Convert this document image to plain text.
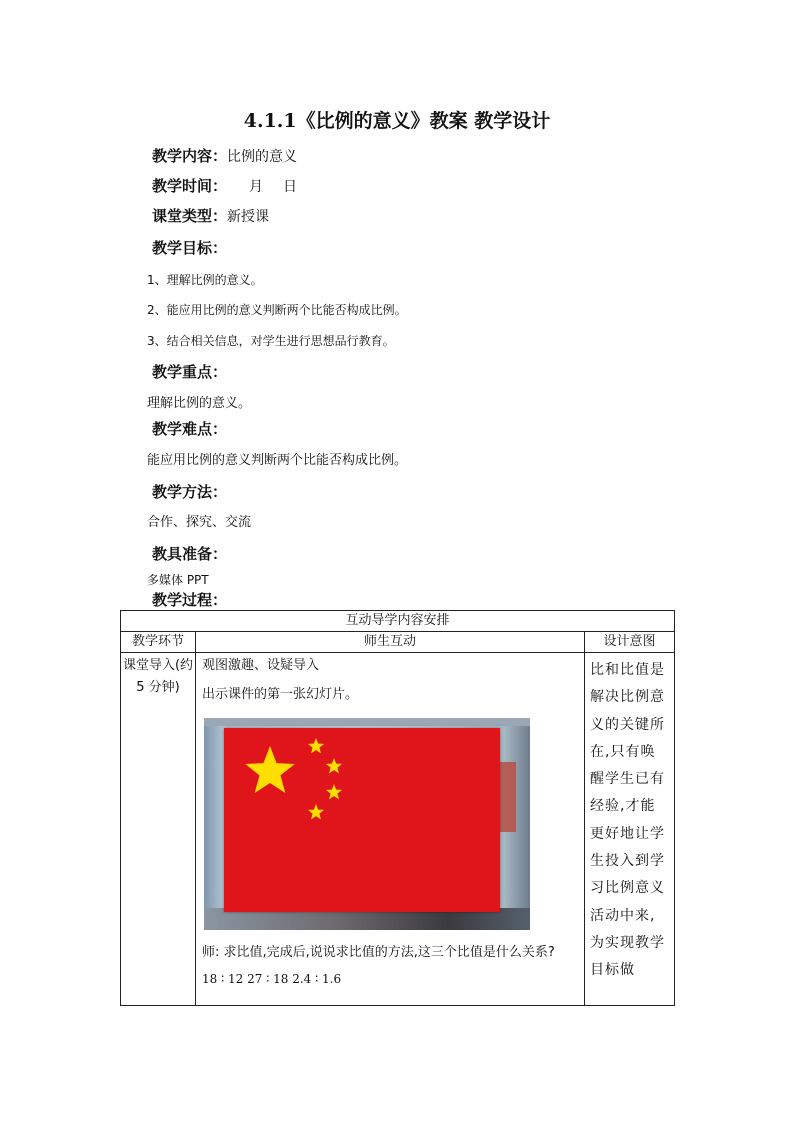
4.1.1《比例的意义》教案 教学设计
教学内容：比例的意义
教学时间： 月 日
课堂类型：新授课
教学目标：
1、理解比例的意义。
2、能应用比例的意义判断两个比能否构成比例。
3、结合相关信息，对学生进行思想品行教育。
教学重点：
理解比例的意义。
教学难点：
能应用比例的意义判断两个比能否构成比例。
教学方法：
合作、探究、交流
教具准备：
多媒体 PPT
教学过程：
互动导学内容安排		
教学环节	师生互动	设计意图
课堂导入(约 5 分钟)	观图激趣、设疑导入
出示课件的第一张幻灯片。
师: 求比值,完成后,说说求比值的方法,这三个比值是什么关系?
18 ∶ 12 27 ∶ 18 2.4 ∶ 1.6	比和比值是解决比例意义的关键所在,只有唤醒学生已有经验,才能更好地让学生投入到学习比例意义活动中来,为实现教学目标做
